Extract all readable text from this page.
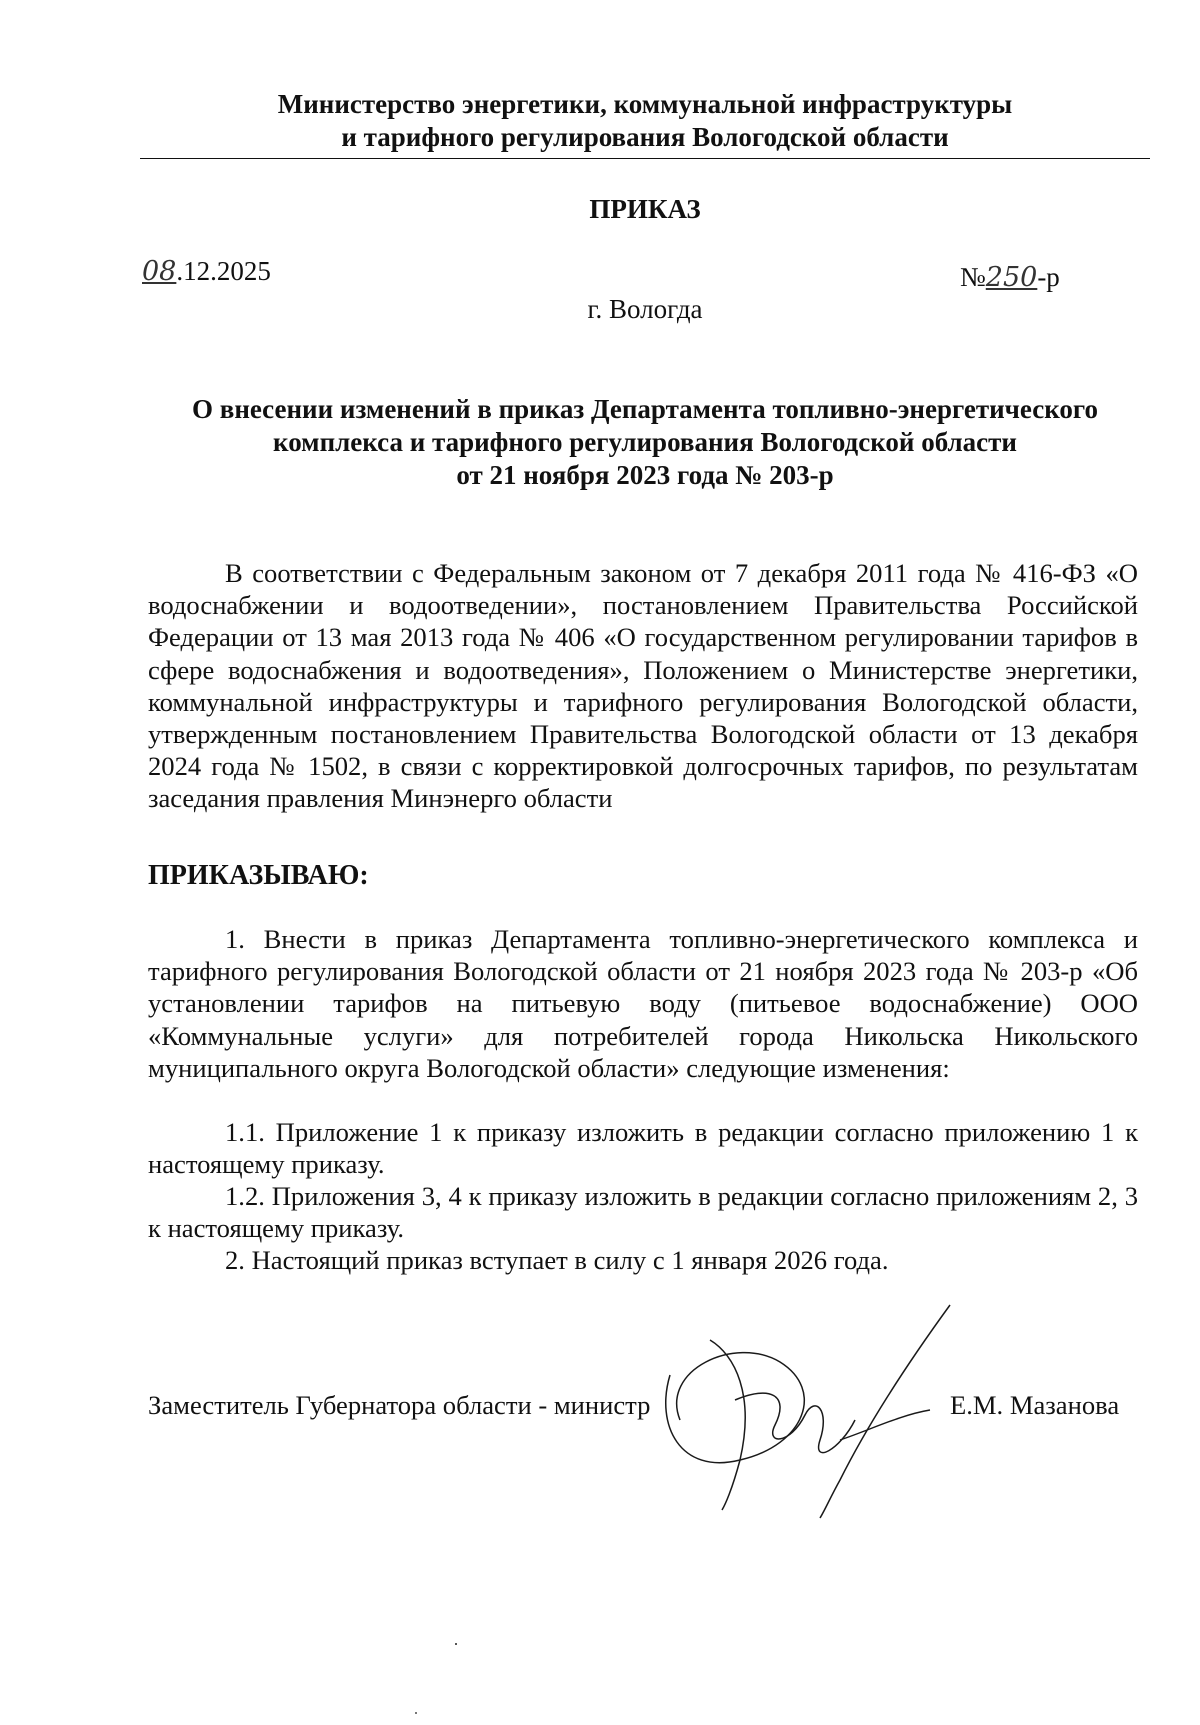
Министерство энергетики, коммунальной инфраструктуры
и тарифного регулирования Вологодской области
ПРИКАЗ
08.12.2025	№250-р
г. Вологда
О внесении изменений в приказ Департамента топливно-энергетического
комплекса и тарифного регулирования Вологодской области
от 21 ноября 2023 года № 203-р

В соответствии с Федеральным законом от 7 декабря 2011 года № 416-ФЗ «О водоснабжении и водоотведении», постановлением Правительства Российской Федерации от 13 мая 2013 года № 406 «О государственном регулировании тарифов в сфере водоснабжения и водоотведения», Положением о Министерстве энергетики, коммунальной инфраструктуры и тарифного регулирования Вологодской области, утвержденным постановлением Правительства Вологодской области от 13 декабря 2024 года № 1502, в связи с корректировкой долгосрочных тарифов, по результатам заседания правления Минэнерго области

ПРИКАЗЫВАЮ:

1. Внести в приказ Департамента топливно-энергетического комплекса и тарифного регулирования Вологодской области от 21 ноября 2023 года № 203-р «Об установлении тарифов на питьевую воду (питьевое водоснабжение) ООО «Коммунальные услуги» для потребителей города Никольска Никольского муниципального округа Вологодской области» следующие изменения:

1.1. Приложение 1 к приказу изложить в редакции согласно приложению 1 к настоящему приказу.

1.2. Приложения 3, 4 к приказу изложить в редакции согласно приложениям 2, 3 к настоящему приказу.

2. Настоящий приказ вступает в силу с 1 января 2026 года.

Заместитель Губернатора области - министр	Е.М. Мазанова
